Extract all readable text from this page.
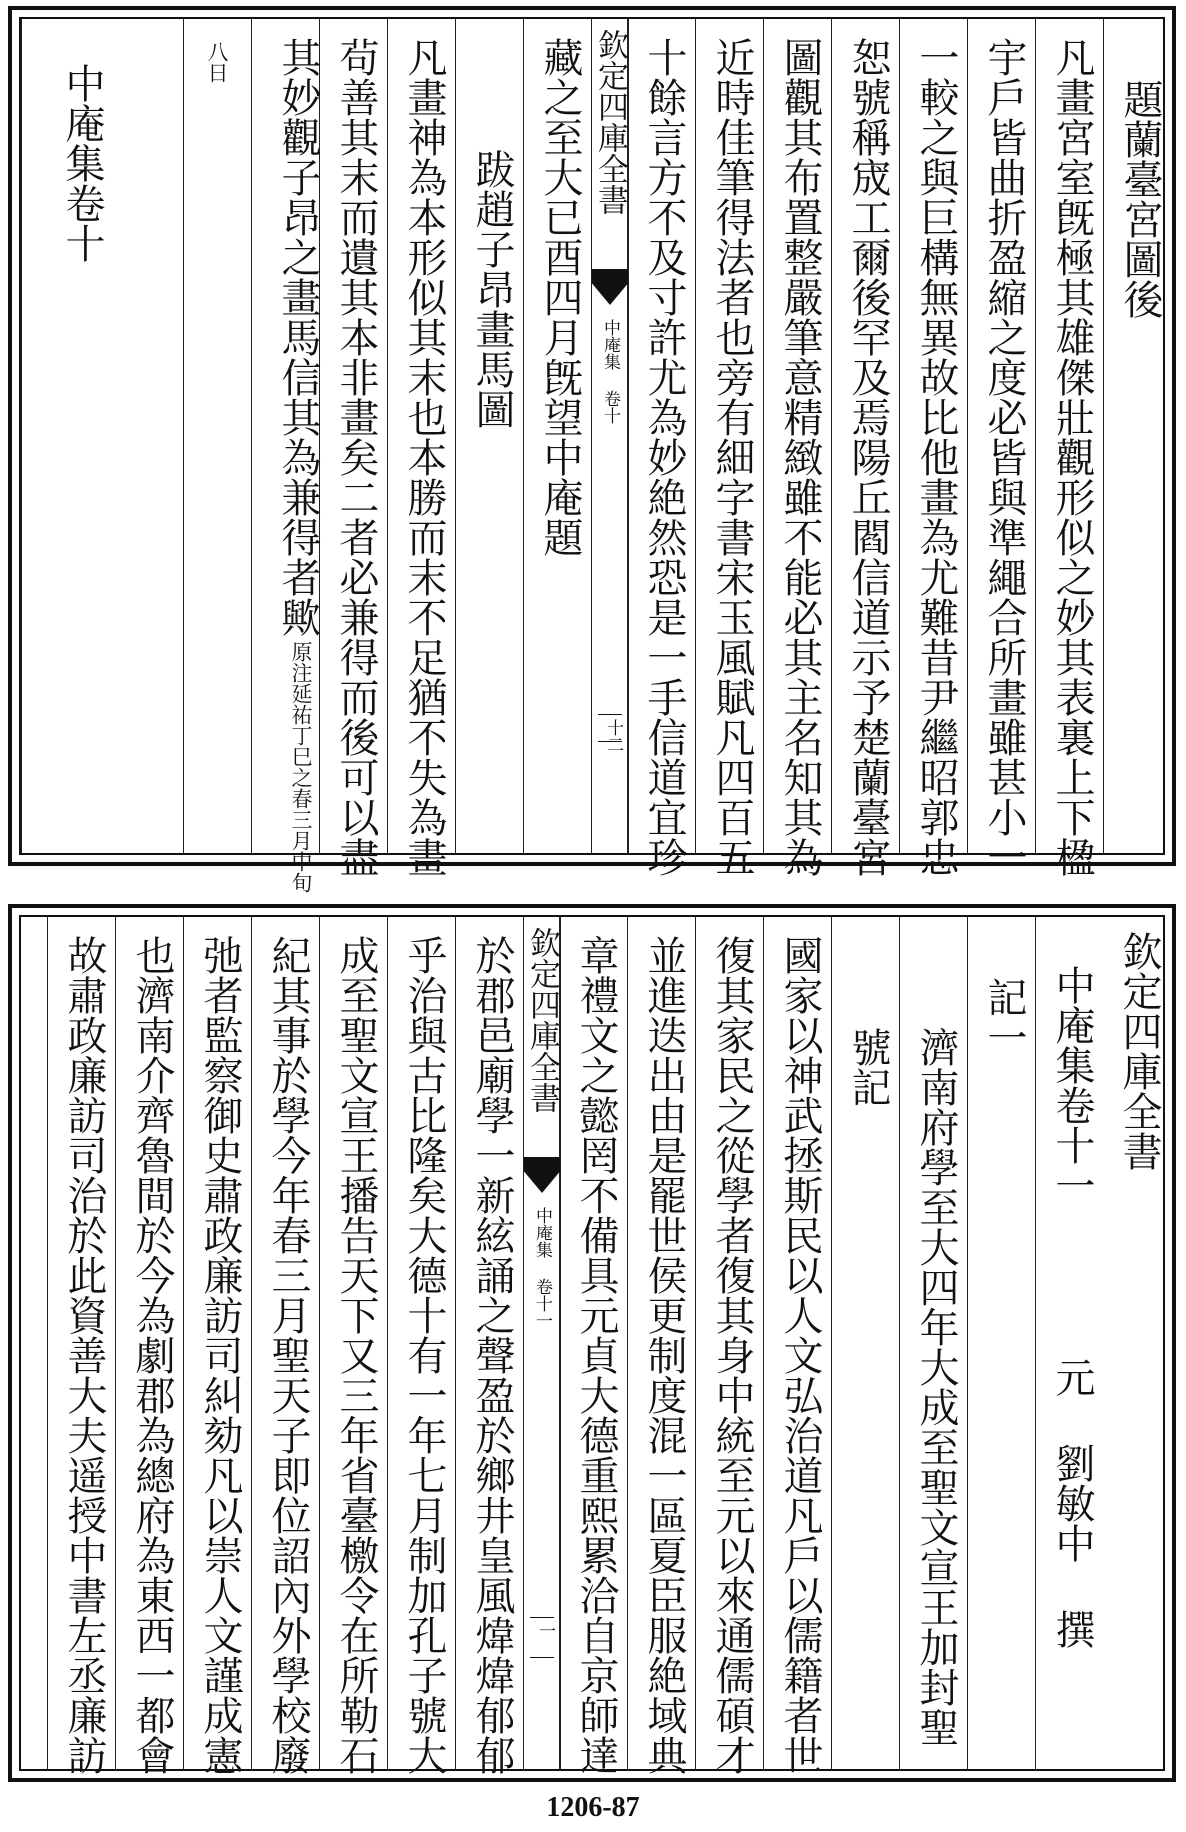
題蘭臺宮圖後
凡畫宮室旣極其雄傑壯觀形似之妙其表裏上下楹
宇戶皆曲折盈縮之度必皆與準繩合所畫雖甚小一
一較之與巨構無異故比他畫為尤難昔尹繼昭郭忠
恕號稱宬工爾後罕及焉陽丘閻信道示予楚蘭臺宮
圖觀其布置整嚴筆意精緻雖不能必其主名知其為
近時佳筆得法者也旁有細字書宋玉風賦凡四百五
十餘言方不及寸許尤為妙絶然恐是一手信道宜珍
欽定四庫全書
中庵集 卷十
十二
藏之至大已酉四月旣望中庵題
跋趙子昂畫馬圖
凡畫神為本形似其末也本勝而末不足猶不失為畫
茍善其末而遺其本非畫矣二者必兼得而後可以盡
其妙觀子昂之畫馬信其為兼得者歟
原注延祐丁巳之春三月中旬
八日
中庵集卷十
欽定四庫全書
中庵集卷十一
元 劉敏中 撰
記一
濟南府學至大四年大成至聖文宣王加封聖
號記
國家以神武拯斯民以人文弘治道凡戶以儒籍者世
復其家民之從學者復其身中統至元以來通儒碩才
並進迭出由是罷世侯更制度混一區夏臣服絶域典
章禮文之懿罔不備具元貞大德重熙累洽自京師達
欽定四庫全書
中庵集 卷十一
一
於郡邑廟學一新絃誦之聲盈於鄉井皇風煒煒郁郁
乎治與古比隆矣大德十有一年七月制加孔子號大
成至聖文宣王播告天下又三年省臺檄令在所勒石
紀其事於學今年春三月聖天子即位詔內外學校廢
弛者監察御史肅政廉訪司糾劾凡以崇人文謹成憲
也濟南介齊魯間於今為劇郡為總府為東西一都會
故肅政廉訪司治於此資善大夫遥授中書左丞廉訪
1206-87
